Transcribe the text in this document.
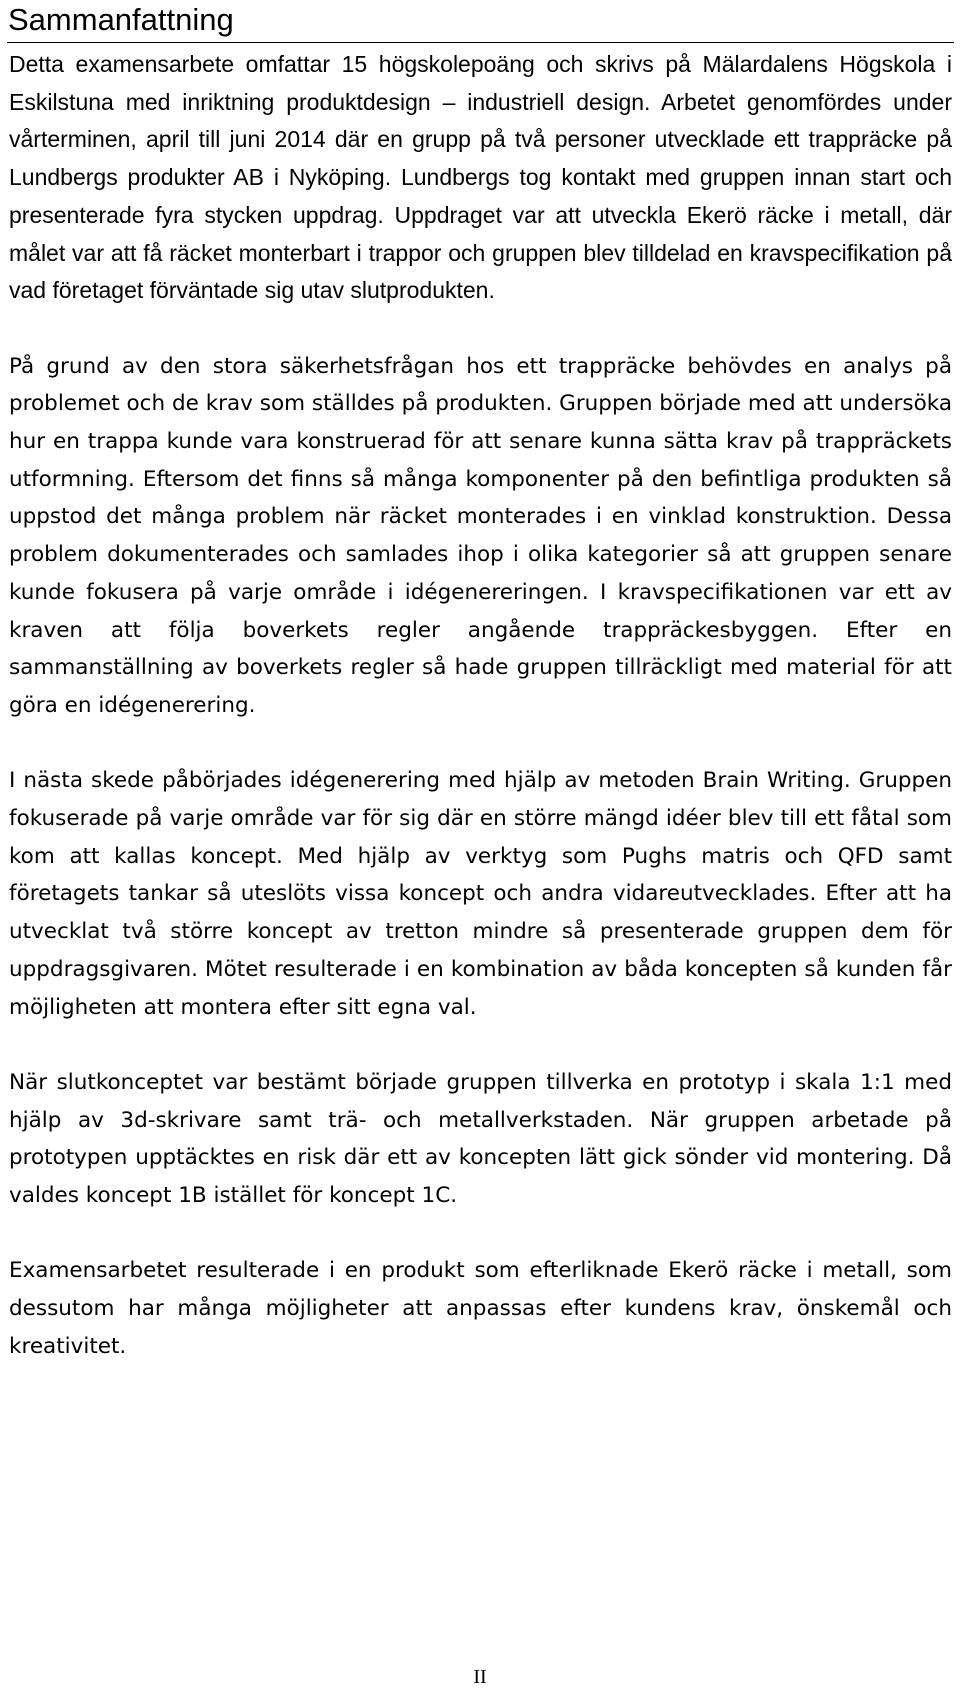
Sammanfattning

Detta examensarbete omfattar 15 högskolepoäng och skrivs på Mälardalens Högskola i Eskilstuna med inriktning produktdesign – industriell design. Arbetet genomfördes under vårterminen, april till juni 2014 där en grupp på två personer utvecklade ett trappräcke på Lundbergs produkter AB i Nyköping. Lundbergs tog kontakt med gruppen innan start och presenterade fyra stycken uppdrag. Uppdraget var att utveckla Ekerö räcke i metall, där målet var att få räcket monterbart i trappor och gruppen blev tilldelad en kravspecifikation på vad företaget förväntade sig utav slutprodukten.

På grund av den stora säkerhetsfrågan hos ett trappräcke behövdes en analys på problemet och de krav som ställdes på produkten. Gruppen började med att undersöka hur en trappa kunde vara konstruerad för att senare kunna sätta krav på trappräckets utformning. Eftersom det finns så många komponenter på den befintliga produkten så uppstod det många problem när räcket monterades i en vinklad konstruktion. Dessa problem dokumenterades och samlades ihop i olika kategorier så att gruppen senare kunde fokusera på varje område i idégenereringen. I kravspecifikationen var ett av kraven att följa boverkets regler angående trappräckesbyggen. Efter en sammanställning av boverkets regler så hade gruppen tillräckligt med material för att göra en idégenerering.

I nästa skede påbörjades idégenerering med hjälp av metoden Brain Writing. Gruppen fokuserade på varje område var för sig där en större mängd idéer blev till ett fåtal som kom att kallas koncept. Med hjälp av verktyg som Pughs matris och QFD samt företagets tankar så uteslöts vissa koncept och andra vidareutvecklades. Efter att ha utvecklat två större koncept av tretton mindre så presenterade gruppen dem för uppdragsgivaren. Mötet resulterade i en kombination av båda koncepten så kunden får möjligheten att montera efter sitt egna val.

När slutkonceptet var bestämt började gruppen tillverka en prototyp i skala 1:1 med hjälp av 3d-skrivare samt trä- och metallverkstaden. När gruppen arbetade på prototypen upptäcktes en risk där ett av koncepten lätt gick sönder vid montering. Då valdes koncept 1B istället för koncept 1C.

Examensarbetet resulterade i en produkt som efterliknade Ekerö räcke i metall, som dessutom har många möjligheter att anpassas efter kundens krav, önskemål och kreativitet.

II
